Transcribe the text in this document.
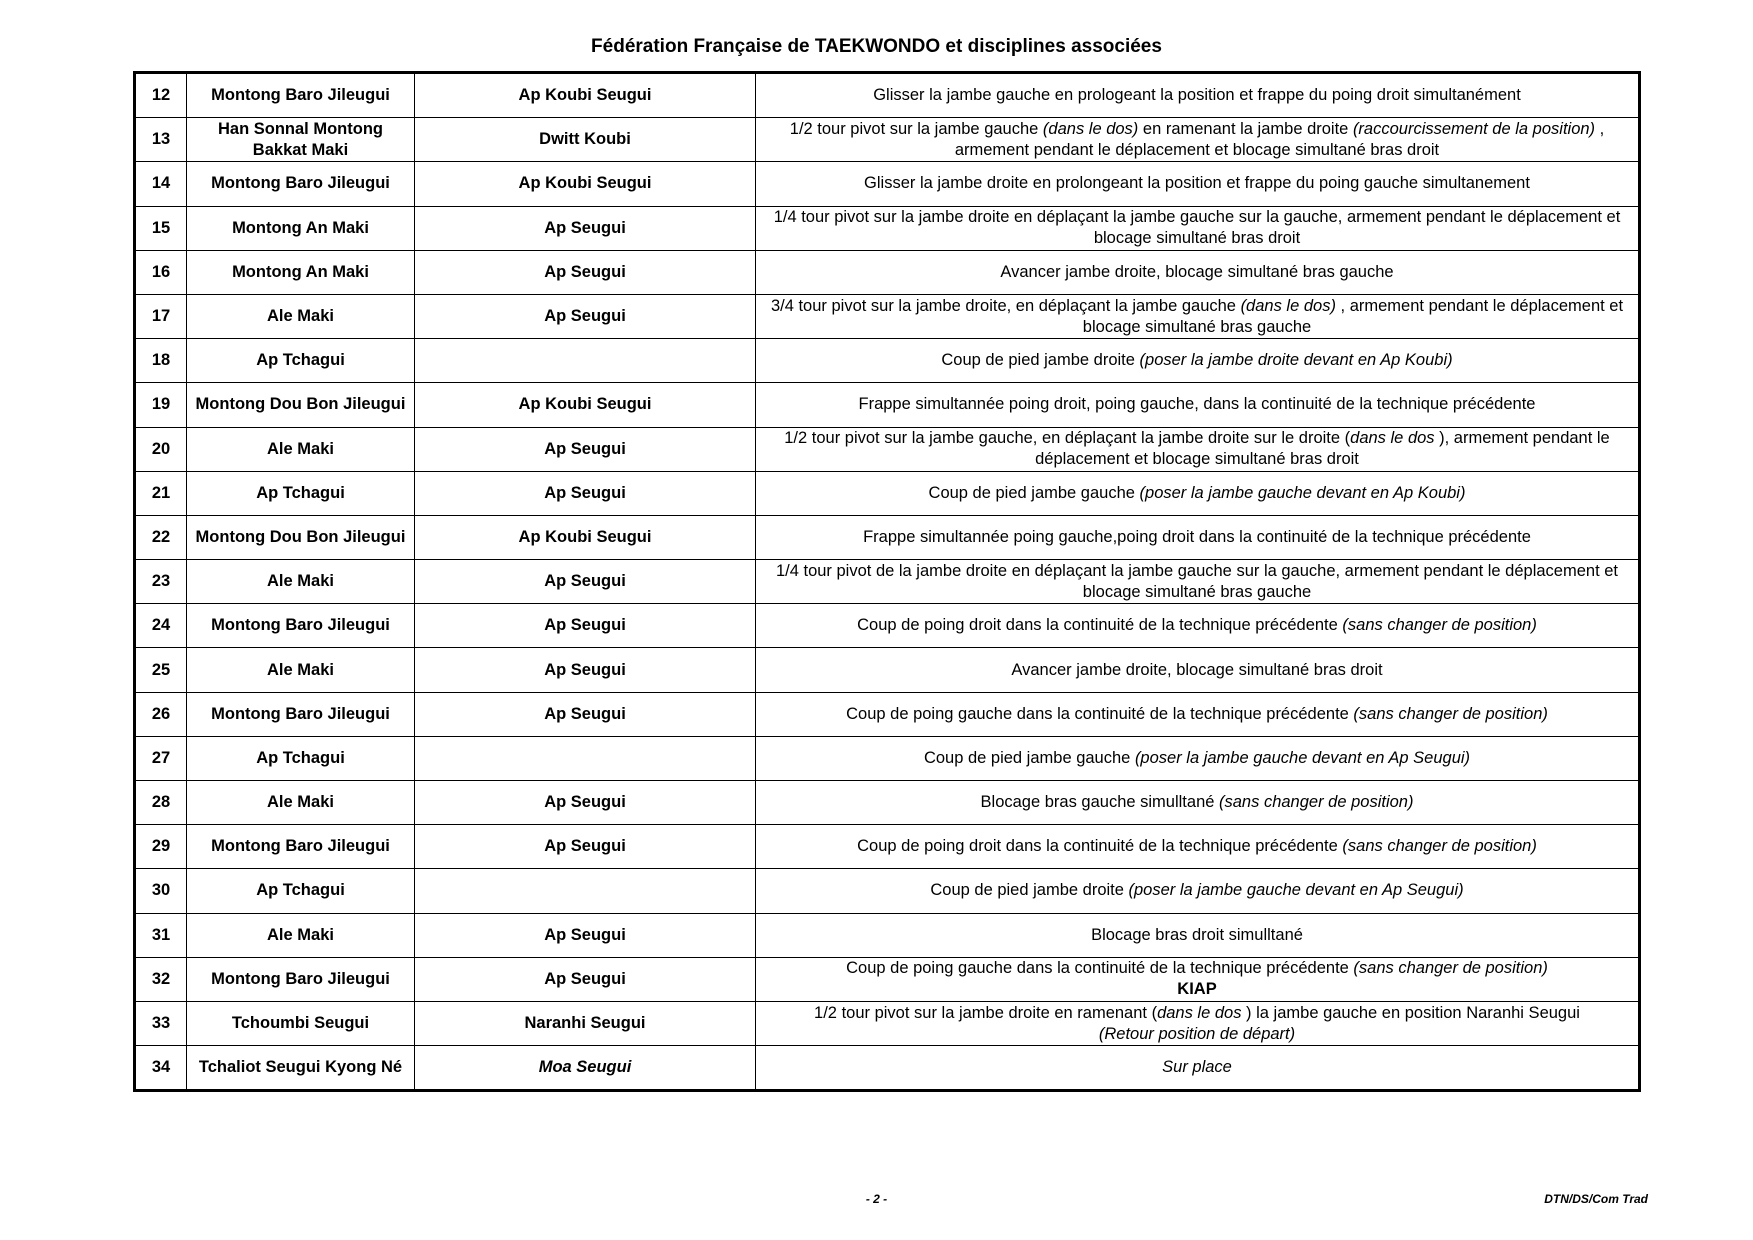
Fédération Française de TAEKWONDO et disciplines associées
12	Montong Baro Jileugui	Ap Koubi Seugui	Glisser la jambe gauche en prologeant la position et frappe du poing droit simultanément
13	Han Sonnal Montong Bakkat Maki	Dwitt Koubi	1/2 tour pivot sur la jambe gauche (dans le dos) en ramenant la jambe droite (raccourcissement de la position) , armement pendant le déplacement et blocage simultané bras droit
14	Montong Baro Jileugui	Ap Koubi Seugui	Glisser la jambe droite en prolongeant la position et frappe du poing gauche simultanement
15	Montong An Maki	Ap Seugui	1/4 tour pivot sur la jambe droite en déplaçant la jambe gauche sur la gauche, armement pendant le déplacement et blocage simultané bras droit
16	Montong An Maki	Ap Seugui	Avancer jambe droite, blocage simultané bras gauche
17	Ale Maki	Ap Seugui	3/4 tour pivot sur la jambe droite, en déplaçant la jambe gauche (dans le dos) , armement pendant le déplacement et blocage simultané bras gauche
18	Ap Tchagui		Coup de pied jambe droite (poser la jambe droite devant en Ap Koubi)
19	Montong Dou Bon Jileugui	Ap Koubi Seugui	Frappe simultannée poing droit, poing gauche, dans la continuité de la technique précédente
20	Ale Maki	Ap Seugui	1/2 tour pivot sur la jambe gauche, en déplaçant la jambe droite sur le droite (dans le dos ), armement pendant le déplacement et blocage simultané bras droit
21	Ap Tchagui	Ap Seugui	Coup de pied jambe gauche (poser la jambe gauche devant en Ap Koubi)
22	Montong Dou Bon Jileugui	Ap Koubi Seugui	Frappe simultannée poing gauche,poing droit dans la continuité de la technique précédente
23	Ale Maki	Ap Seugui	1/4 tour pivot de la jambe droite en déplaçant la jambe gauche sur la gauche, armement pendant le déplacement et blocage simultané bras gauche
24	Montong Baro Jileugui	Ap Seugui	Coup de poing droit dans la continuité de la technique précédente (sans changer de position)
25	Ale Maki	Ap Seugui	Avancer jambe droite, blocage simultané bras droit
26	Montong Baro Jileugui	Ap Seugui	Coup de poing gauche dans la continuité de la technique précédente (sans changer de position)
27	Ap Tchagui		Coup de pied jambe gauche (poser la jambe gauche devant en Ap Seugui)
28	Ale Maki	Ap Seugui	Blocage bras gauche simulltané (sans changer de position)
29	Montong Baro Jileugui	Ap Seugui	Coup de poing droit dans la continuité de la technique précédente (sans changer de position)
30	Ap Tchagui		Coup de pied jambe droite (poser la jambe gauche devant en Ap Seugui)
31	Ale Maki	Ap Seugui	Blocage bras droit simulltané
32	Montong Baro Jileugui	Ap Seugui	Coup de poing gauche dans la continuité de la technique précédente (sans changer de position)
KIAP
33	Tchoumbi Seugui	Naranhi Seugui	1/2 tour pivot sur la jambe droite en ramenant (dans le dos ) la jambe gauche en position Naranhi Seugui
(Retour position de départ)
34	Tchaliot Seugui Kyong Né	Moa Seugui	Sur place
- 2 -	DTN/DS/Com Trad
